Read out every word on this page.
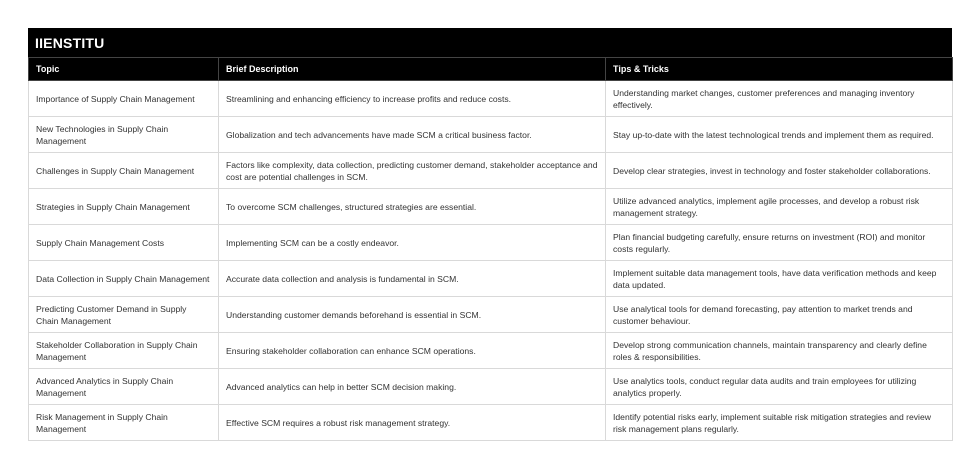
IIENSTITU
Topic	Brief Description	Tips & Tricks
Importance of Supply Chain Management	Streamlining and enhancing efficiency to increase profits and reduce costs.	Understanding market changes, customer preferences and managing inventory effectively.
New Technologies in Supply Chain Management	Globalization and tech advancements have made SCM a critical business factor.	Stay up-to-date with the latest technological trends and implement them as required.
Challenges in Supply Chain Management	Factors like complexity, data collection, predicting customer demand, stakeholder acceptance and cost are potential challenges in SCM.	Develop clear strategies, invest in technology and foster stakeholder collaborations.
Strategies in Supply Chain Management	To overcome SCM challenges, structured strategies are essential.	Utilize advanced analytics, implement agile processes, and develop a robust risk management strategy.
Supply Chain Management Costs	Implementing SCM can be a costly endeavor.	Plan financial budgeting carefully, ensure returns on investment (ROI) and monitor costs regularly.
Data Collection in Supply Chain Management	Accurate data collection and analysis is fundamental in SCM.	Implement suitable data management tools, have data verification methods and keep data updated.
Predicting Customer Demand in Supply Chain Management	Understanding customer demands beforehand is essential in SCM.	Use analytical tools for demand forecasting, pay attention to market trends and customer behaviour.
Stakeholder Collaboration in Supply Chain Management	Ensuring stakeholder collaboration can enhance SCM operations.	Develop strong communication channels, maintain transparency and clearly define roles & responsibilities.
Advanced Analytics in Supply Chain Management	Advanced analytics can help in better SCM decision making.	Use analytics tools, conduct regular data audits and train employees for utilizing analytics properly.
Risk Management in Supply Chain Management	Effective SCM requires a robust risk management strategy.	Identify potential risks early, implement suitable risk mitigation strategies and review risk management plans regularly.
